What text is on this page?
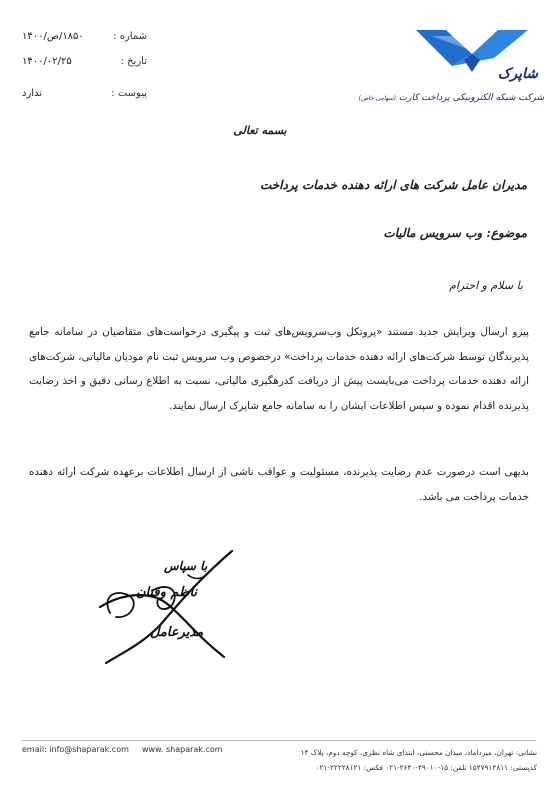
شماره :
۱۸۵۰/ص/۱۴۰۰
تاریخ :
۱۴۰۰/۰۲/۲۵
پیوست :
ندارد
شاپرک
شرکت شبکه الکترونیکی پرداخت کارت (سهامی خاص)
بسمه تعالی
مدیران عامل شرکت های ارائه دهنده خدمات پرداخت
موضوع: وب سرویس مالیات
با سلام و احترام
پیرو ارسال ویرایش جدید مستند «پروتکل وب‌سرویس‌های ثبت و پیگیری درخواست‌های متقاضیان در سامانه جامع پذیرندگان توسط شرکت‌های ارائه دهنده خدمات پرداخت» درخصوص وب سرویس ثبت نام مودیان مالیاتی، شرکت‌های ارائه دهنده خدمات پرداخت می‌بایست پیش از دریافت کدرهگیری مالیاتی، نسبت به اطلاع رسانی دقیق و اخذ رضایت پذیرنده اقدام نموده و سپس اطلاعات ایشان را به سامانه جامع شاپرک ارسال نمایند.
بدیهی است درصورت عدم رضایت پذیرنده، مسئولیت و عواقب ناشی از ارسال اطلاعات برعهده شرکت ارائه دهنده خدمات پرداخت می باشد.
با سپاس
ناظم وقتان
مدیرعامل
email: info@shaparak.com www. shaparak.com	نشانی: تهران، میرداماد، میدان محسنی، ابتدای شاه نظری، کوچه دوم، پلاک ۱۴
کدپستی: ۱۵۴۷۹۱۴۸۱۱ تلفن: ۱۵-۴۹۰۱۰-۲۶۴۰-۰۲۱ فکس: ۲۲۲۲۸۱۲۱-۰۲۱
